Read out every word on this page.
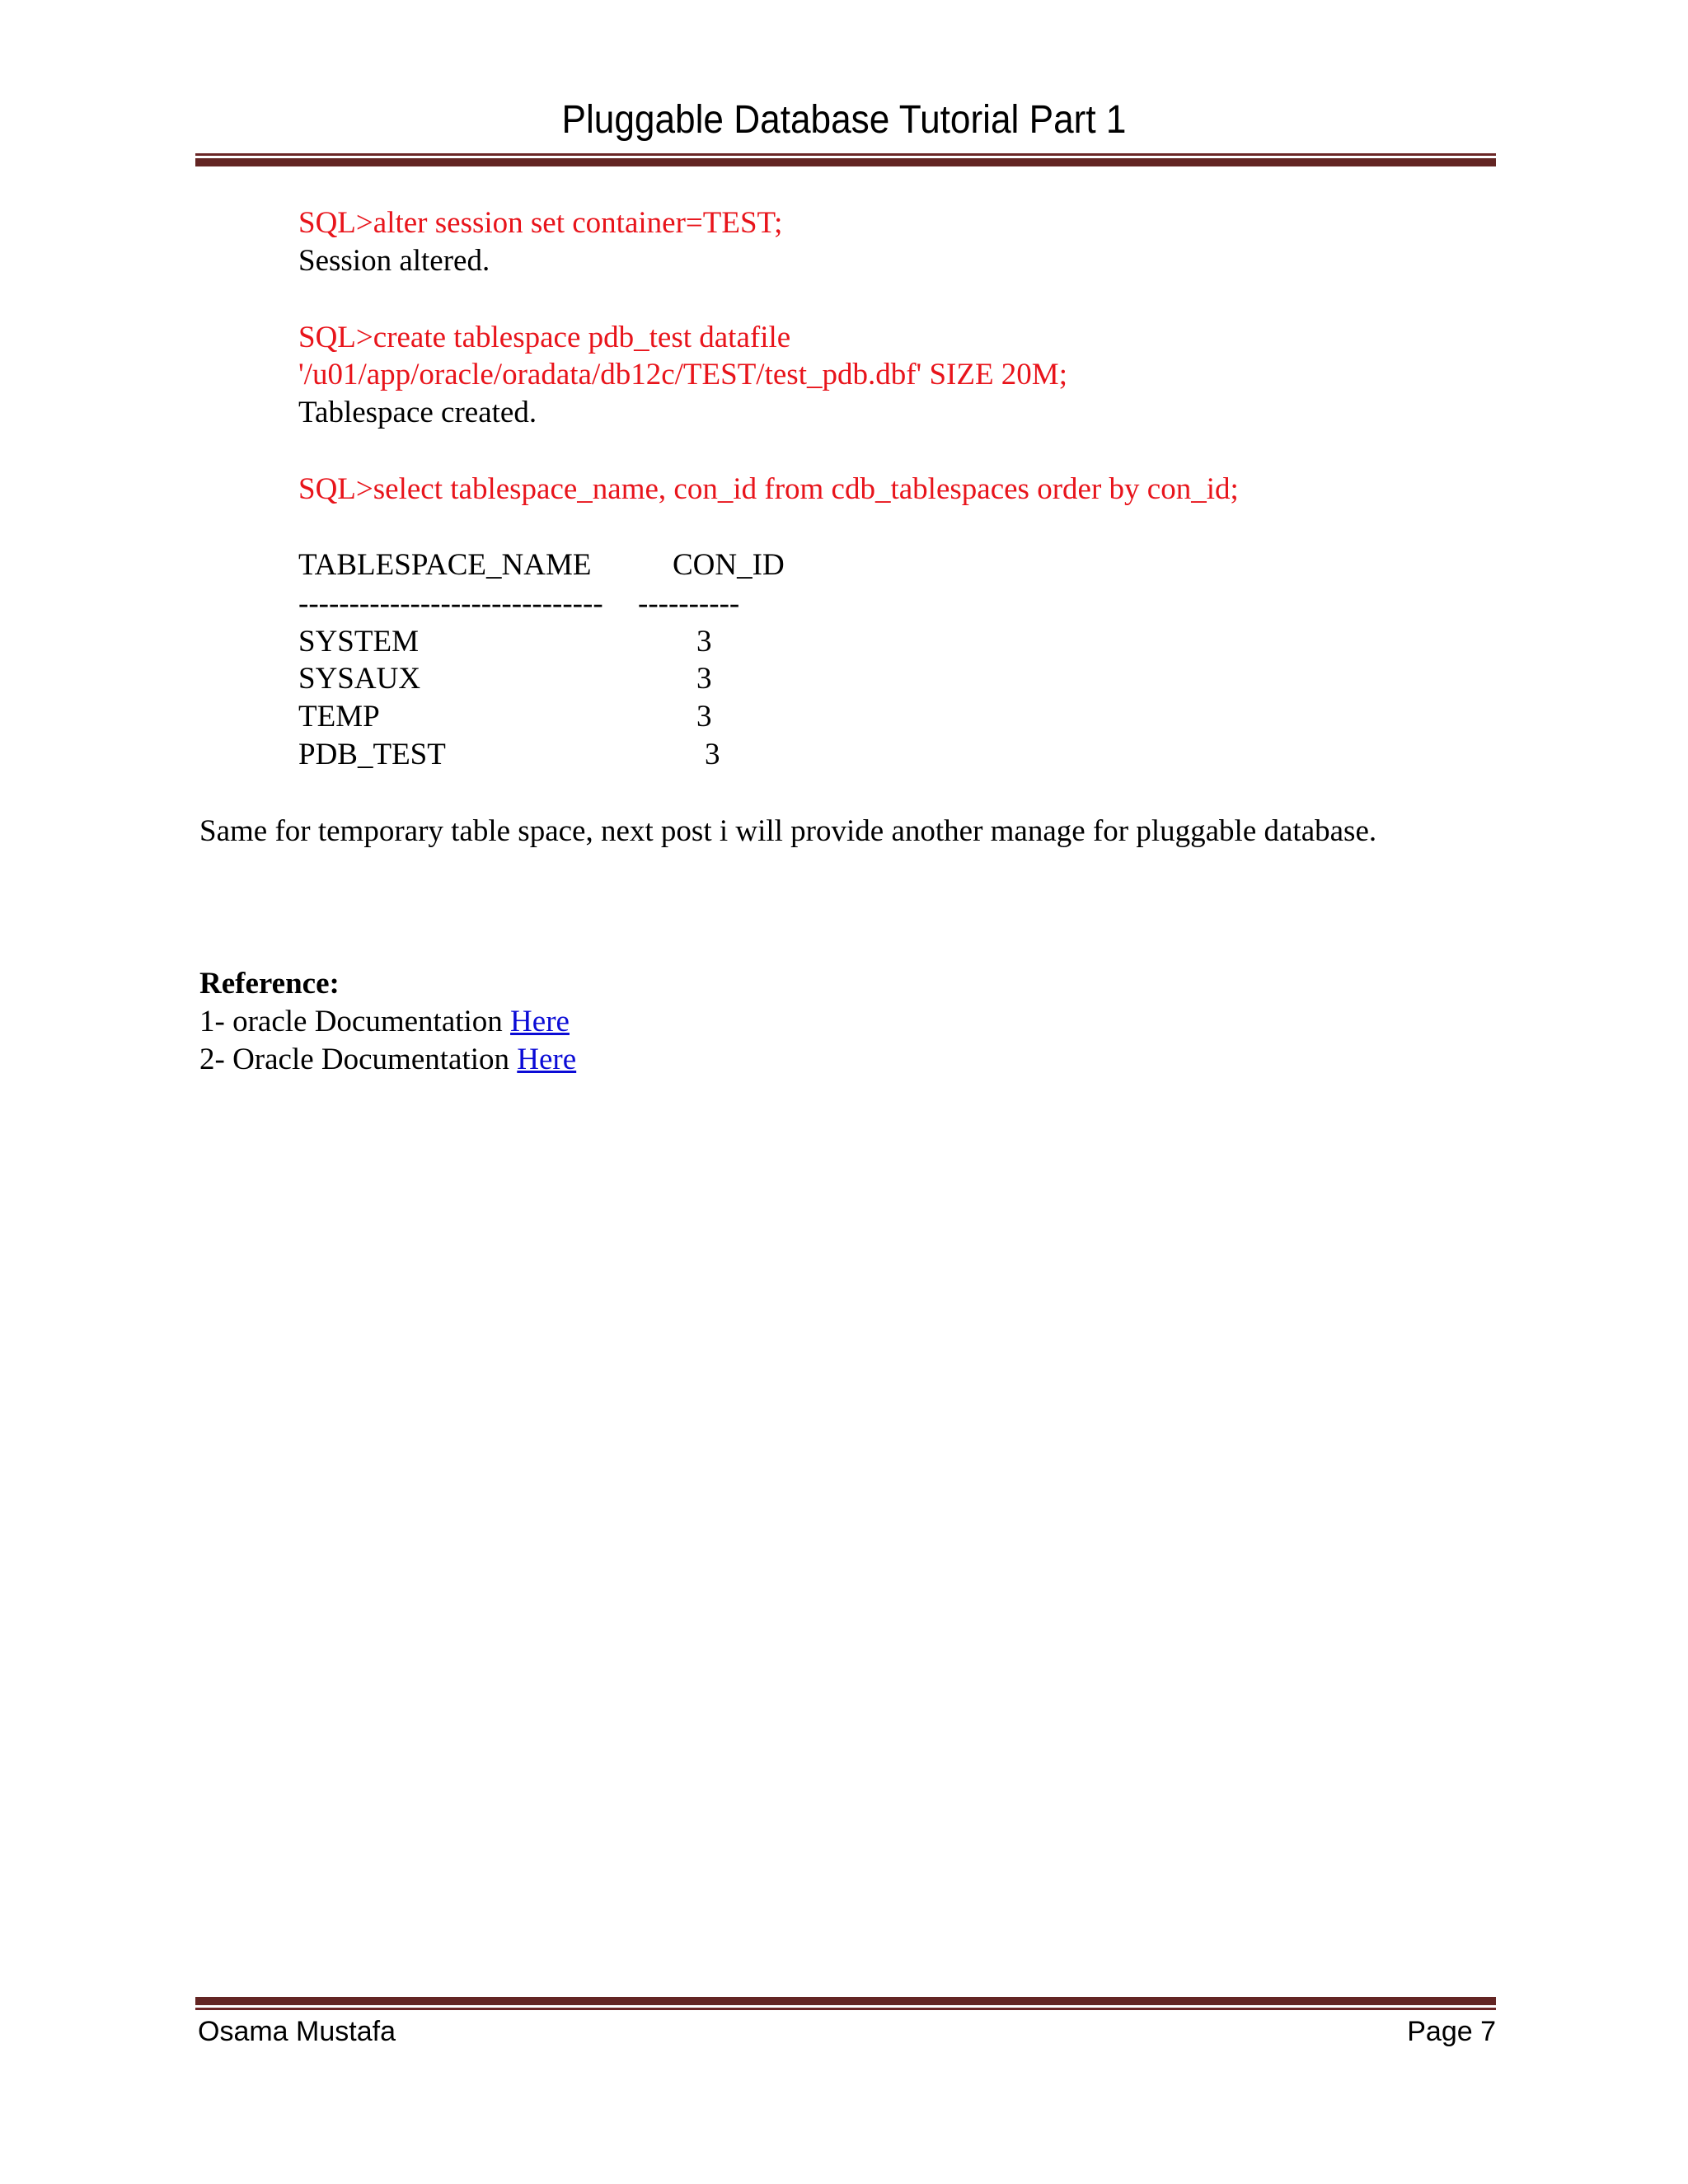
Pluggable Database Tutorial Part 1
SQL>alter session set container=TEST;
Session altered.
SQL>create tablespace pdb_test datafile
'/u01/app/oracle/oradata/db12c/TEST/test_pdb.dbf' SIZE 20M;
Tablespace created.
SQL>select tablespace_name, con_id from cdb_tablespaces order by con_id;
TABLESPACE_NAME	CON_ID
------------------------------ ----------
SYSTEM	3
SYSAUX	3
TEMP	3
PDB_TEST	3
Same for temporary table space, next post i will provide another manage for pluggable database.
Reference:
1- oracle Documentation Here
2- Oracle Documentation Here
Osama Mustafa	Page 7
